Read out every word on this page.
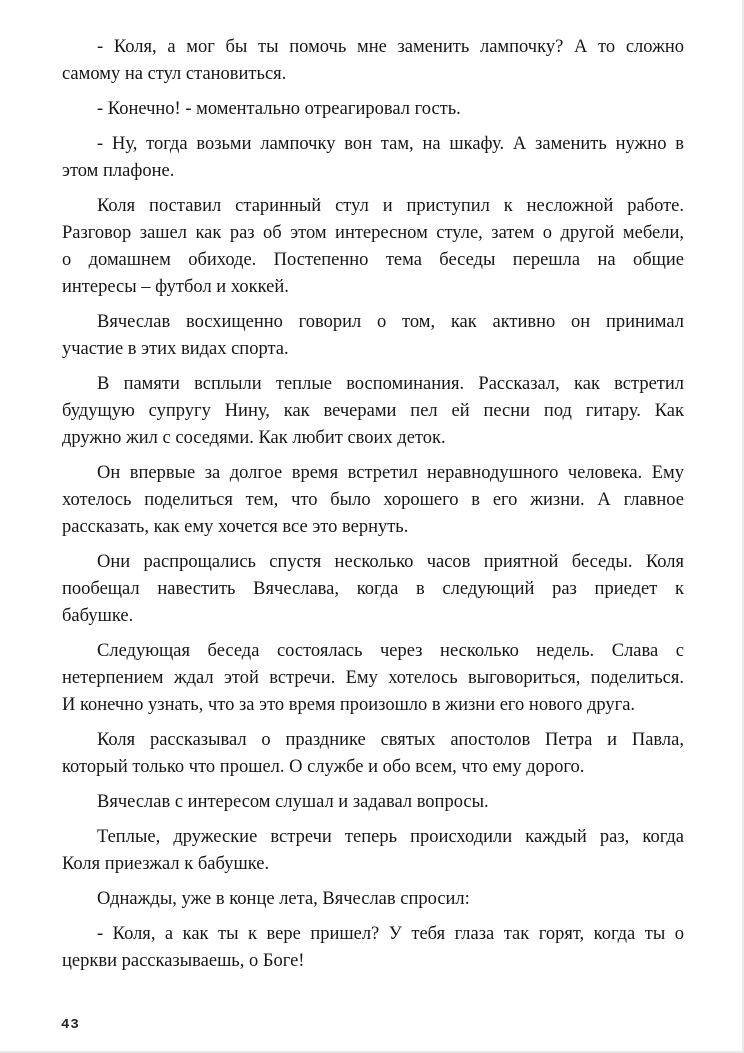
- Коля, а мог бы ты помочь мне заменить лампочку? А то сложно
самому на стул становиться.
- Конечно! - моментально отреагировал гость.
- Ну, тогда возьми лампочку вон там, на шкафу. А заменить нужно в
этом плафоне.
Коля поставил старинный стул и приступил к несложной работе.
Разговор зашел как раз об этом интересном стуле, затем о другой мебели,
о домашнем обиходе. Постепенно тема беседы перешла на общие
интересы – футбол и хоккей.
Вячеслав восхищенно говорил о том, как активно он принимал
участие в этих видах спорта.
В памяти всплыли теплые воспоминания. Рассказал, как встретил
будущую супругу Нину, как вечерами пел ей песни под гитару. Как
дружно жил с соседями. Как любит своих деток.
Он впервые за долгое время встретил неравнодушного человека. Ему
хотелось поделиться тем, что было хорошего в его жизни. А главное
рассказать, как ему хочется все это вернуть.
Они распрощались спустя несколько часов приятной беседы. Коля
пообещал навестить Вячеслава, когда в следующий раз приедет к
бабушке.
Следующая беседа состоялась через несколько недель. Слава с
нетерпением ждал этой встречи. Ему хотелось выговориться, поделиться.
И конечно узнать, что за это время произошло в жизни его нового друга.
Коля рассказывал о празднике святых апостолов Петра и Павла,
который только что прошел. О службе и обо всем, что ему дорого.
Вячеслав с интересом слушал и задавал вопросы.
Теплые, дружеские встречи теперь происходили каждый раз, когда
Коля приезжал к бабушке.
Однажды, уже в конце лета, Вячеслав спросил:
- Коля, а как ты к вере пришел? У тебя глаза так горят, когда ты о
церкви рассказываешь, о Боге!
43
